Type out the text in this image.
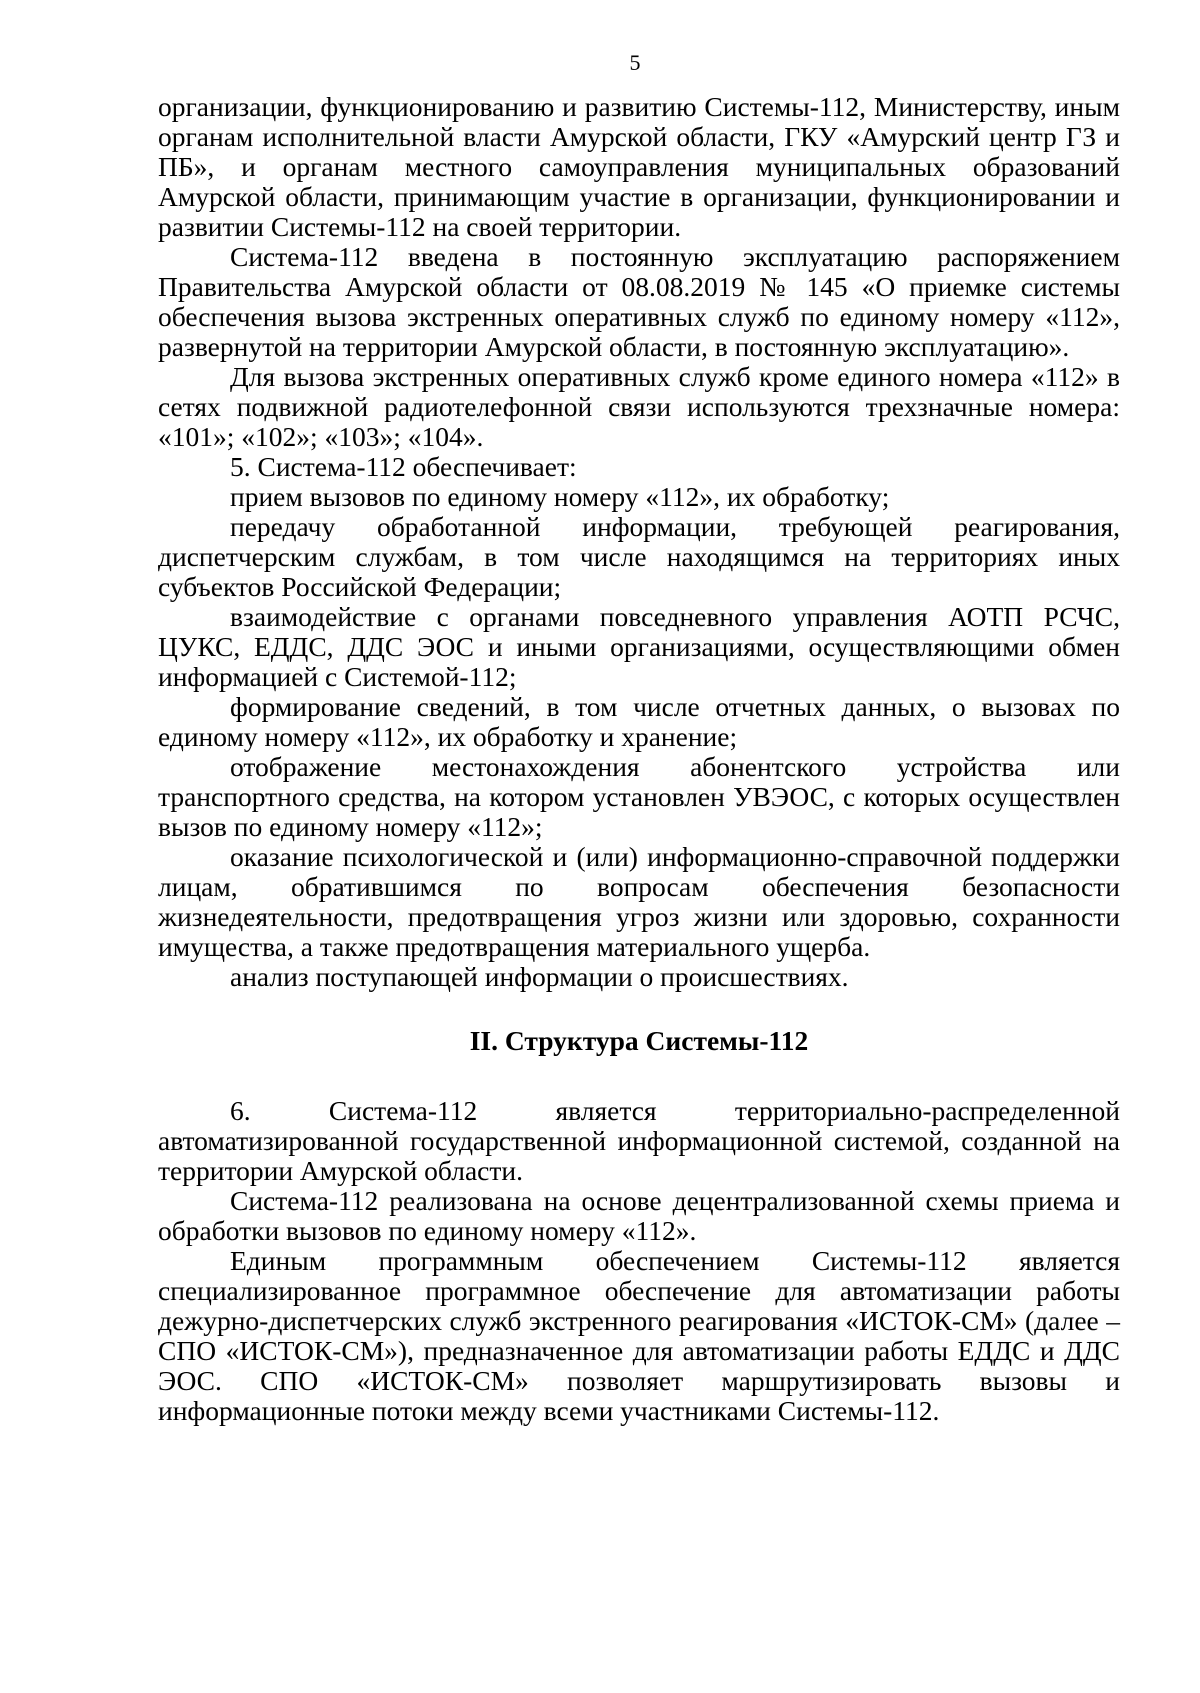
5

организации, функционированию и развитию Системы-112, Министерству, иным органам исполнительной власти Амурской области, ГКУ «Амурский центр ГЗ и ПБ», и органам местного самоуправления муниципальных образований Амурской области, принимающим участие в организации, функционировании и развитии Системы-112 на своей территории.

Система-112 введена в постоянную эксплуатацию распоряжением Правительства Амурской области от 08.08.2019 № 145 «О приемке системы обеспечения вызова экстренных оперативных служб по единому номеру «112», развернутой на территории Амурской области, в постоянную эксплуатацию».

Для вызова экстренных оперативных служб кроме единого номера «112» в сетях подвижной радиотелефонной связи используются трехзначные номера: «101»; «102»; «103»; «104».

5. Система-112 обеспечивает:

прием вызовов по единому номеру «112», их обработку;

передачу обработанной информации, требующей реагирования, диспетчерским службам, в том числе находящимся на территориях иных субъектов Российской Федерации;

взаимодействие с органами повседневного управления АОТП РСЧС, ЦУКС, ЕДДС, ДДС ЭОС и иными организациями, осуществляющими обмен информацией с Системой-112;

формирование сведений, в том числе отчетных данных, о вызовах по единому номеру «112», их обработку и хранение;

отображение местонахождения абонентского устройства или транспортного средства, на котором установлен УВЭОС, с которых осуществлен вызов по единому номеру «112»;

оказание психологической и (или) информационно-справочной поддержки лицам, обратившимся по вопросам обеспечения безопасности жизнедеятельности, предотвращения угроз жизни или здоровью, сохранности имущества, а также предотвращения материального ущерба.

анализ поступающей информации о происшествиях.

II. Структура Системы-112

6. Система-112 является территориально-распределенной автоматизированной государственной информационной системой, созданной на территории Амурской области.

Система-112 реализована на основе децентрализованной схемы приема и обработки вызовов по единому номеру «112».

Единым программным обеспечением Системы-112 является специализированное программное обеспечение для автоматизации работы дежурно-диспетчерских служб экстренного реагирования «ИСТОК-СМ» (далее – СПО «ИСТОК-СМ»), предназначенное для автоматизации работы ЕДДС и ДДС ЭОС. СПО «ИСТОК-СМ» позволяет маршрутизировать вызовы и информационные потоки между всеми участниками Системы-112.
